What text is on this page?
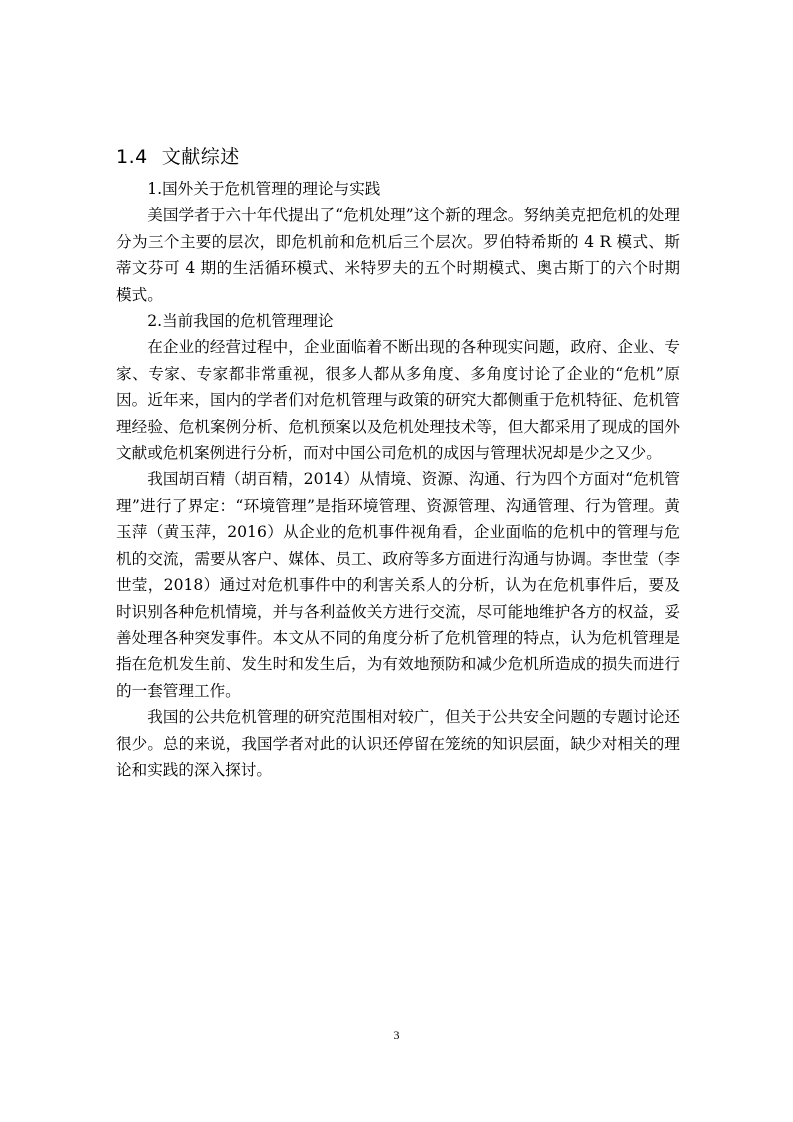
1.4 文献综述

1.国外关于危机管理的理论与实践

美国学者于六十年代提出了“危机处理”这个新的理念。努纳美克把危机的处理分为三个主要的层次，即危机前和危机后三个层次。罗伯特希斯的 4 R 模式、斯蒂文芬可 4 期的生活循环模式、米特罗夫的五个时期模式、奥古斯丁的六个时期模式。

2.当前我国的危机管理理论

在企业的经营过程中，企业面临着不断出现的各种现实问题，政府、企业、专家、专家、专家都非常重视，很多人都从多角度、多角度讨论了企业的“危机”原因。近年来，国内的学者们对危机管理与政策的研究大都侧重于危机特征、危机管理经验、危机案例分析、危机预案以及危机处理技术等，但大都采用了现成的国外文献或危机案例进行分析，而对中国公司危机的成因与管理状况却是少之又少。

我国胡百精（胡百精，2014）从情境、资源、沟通、行为四个方面对“危机管理”进行了界定：“环境管理”是指环境管理、资源管理、沟通管理、行为管理。黄玉萍（黄玉萍，2016）从企业的危机事件视角看，企业面临的危机中的管理与危机的交流，需要从客户、媒体、员工、政府等多方面进行沟通与协调。李世莹（李世莹，2018）通过对危机事件中的利害关系人的分析，认为在危机事件后，要及时识别各种危机情境，并与各利益攸关方进行交流，尽可能地维护各方的权益，妥善处理各种突发事件。本文从不同的角度分析了危机管理的特点，认为危机管理是指在危机发生前、发生时和发生后，为有效地预防和减少危机所造成的损失而进行的一套管理工作。

我国的公共危机管理的研究范围相对较广，但关于公共安全问题的专题讨论还很少。总的来说，我国学者对此的认识还停留在笼统的知识层面，缺少对相关的理论和实践的深入探讨。

3
